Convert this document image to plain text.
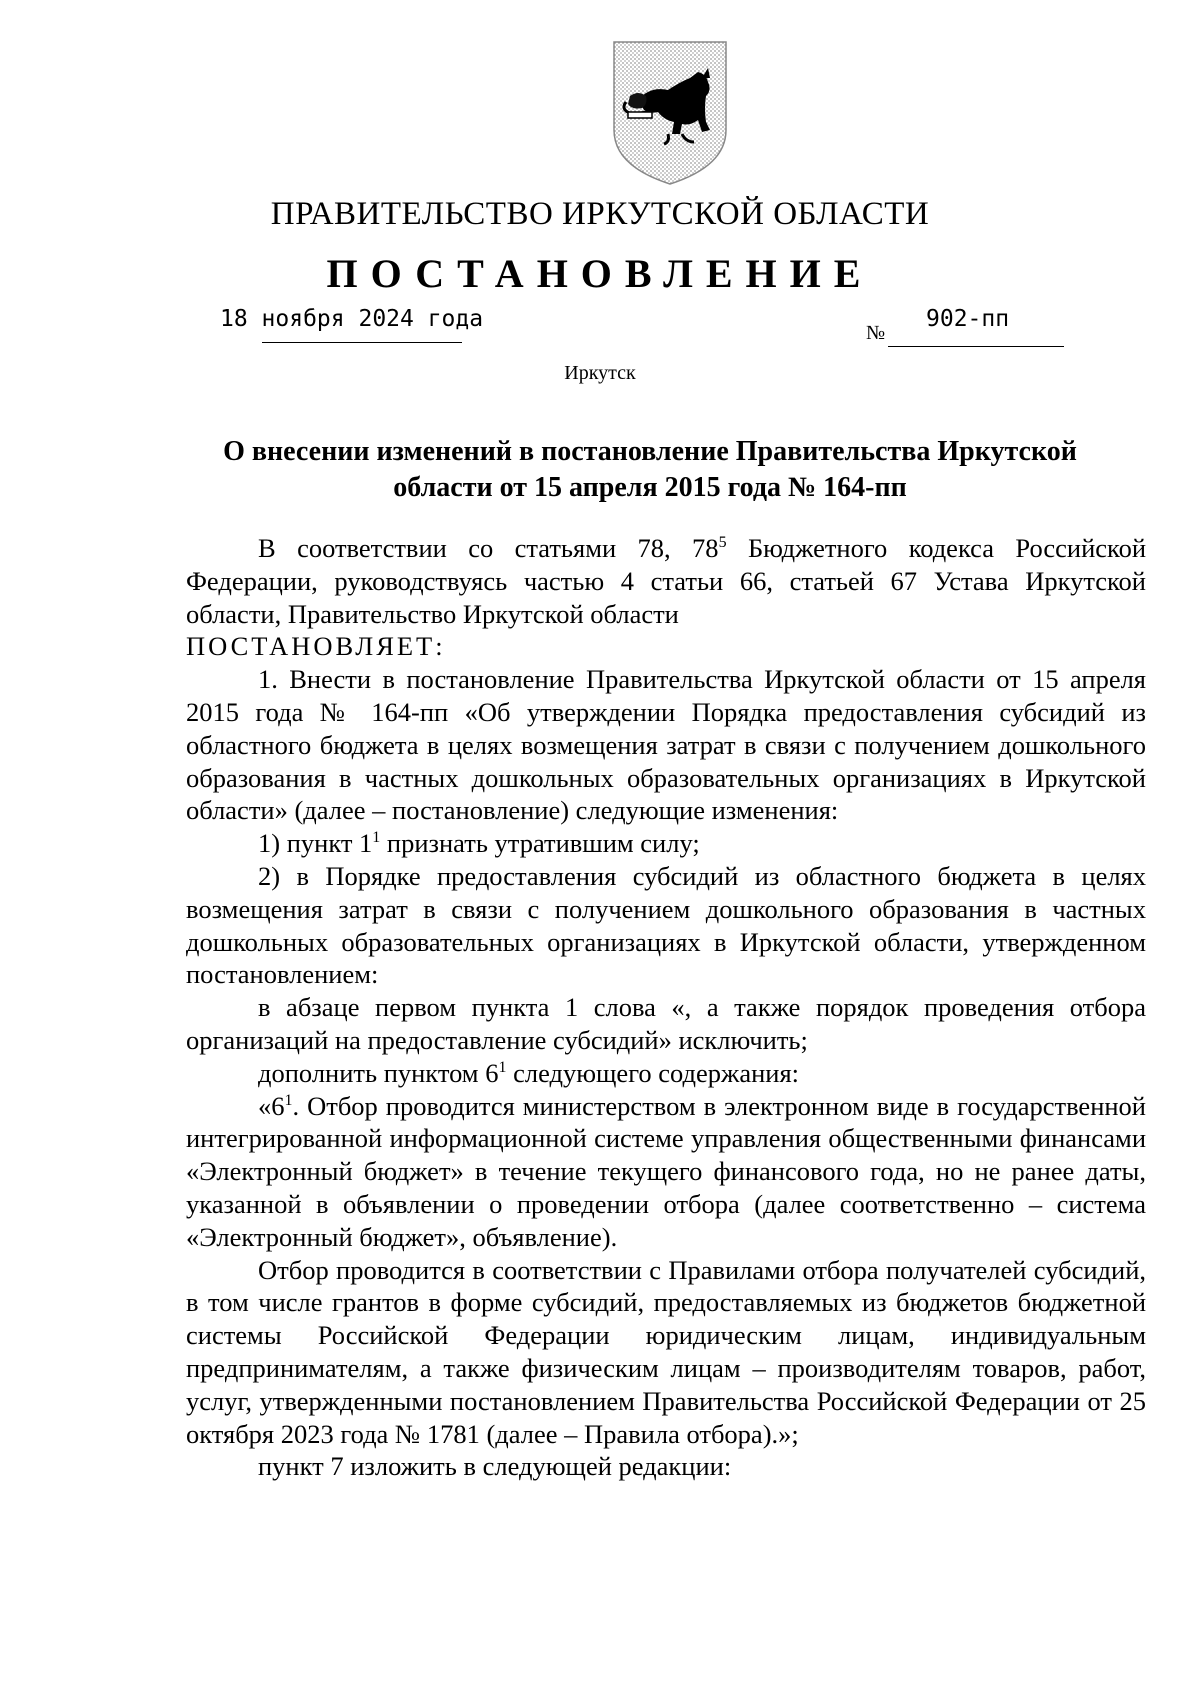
ПРАВИТЕЛЬСТВО ИРКУТСКОЙ ОБЛАСТИ
ПОСТАНОВЛЕНИЕ
18 ноября 2024 года
№
902-пп
Иркутск
О внесении изменений в постановление Правительства Иркутской
области от 15 апреля 2015 года № 164-пп

В соответствии со статьями 78, $78^5$ Бюджетного кодекса Российской Федерации, руководствуясь частью 4 статьи 66, статьей 67 Устава Иркутской области, Правительство Иркутской области

ПОСТАНОВЛЯЕТ:

1. Внести в постановление Правительства Иркутской области от 15 апреля 2015 года № 164-пп «Об утверждении Порядка предоставления субсидий из областного бюджета в целях возмещения затрат в связи с получением дошкольного образования в частных дошкольных образовательных организациях в Иркутской области» (далее – постановление) следующие изменения:

1) пункт $1^1$ признать утратившим силу;

2) в Порядке предоставления субсидий из областного бюджета в целях возмещения затрат в связи с получением дошкольного образования в частных дошкольных образовательных организациях в Иркутской области, утвержденном постановлением:

в абзаце первом пункта 1 слова «, а также порядок проведения отбора организаций на предоставление субсидий» исключить;

дополнить пунктом $6^1$ следующего содержания:

«$6^1$. Отбор проводится министерством в электронном виде в государственной интегрированной информационной системе управления общественными финансами «Электронный бюджет» в течение текущего финансового года, но не ранее даты, указанной в объявлении о проведении отбора (далее соответственно – система «Электронный бюджет», объявление).

Отбор проводится в соответствии с Правилами отбора получателей субсидий, в том числе грантов в форме субсидий, предоставляемых из бюджетов бюджетной системы Российской Федерации юридическим лицам, индивидуальным предпринимателям, а также физическим лицам – производителям товаров, работ, услуг, утвержденными постановлением Правительства Российской Федерации от 25 октября 2023 года № 1781 (далее – Правила отбора).»;

пункт 7 изложить в следующей редакции:
